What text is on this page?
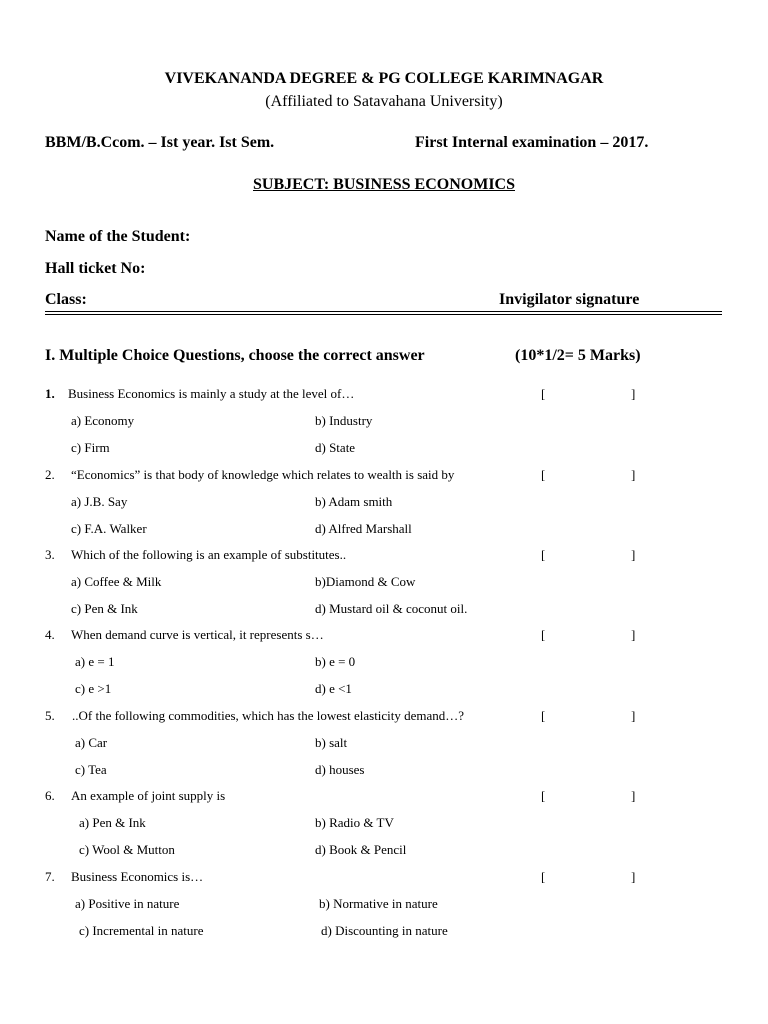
VIVEKANANDA DEGREE & PG COLLEGE KARIMNAGAR
(Affiliated to Satavahana University)
BBM/B.Ccom. – Ist year. Ist Sem.	First Internal examination – 2017.
SUBJECT: BUSINESS ECONOMICS
Name of the Student:
Hall ticket No:
Class:	Invigilator signature
I. Multiple Choice Questions, choose the correct answer	(10*1/2= 5 Marks)
1. Business Economics is mainly a study at the level of…	[	]
a) Economy	b) Industry
c) Firm	d) State
2. “Economics” is that body of knowledge which relates to wealth is said by	[	]
a) J.B. Say	b) Adam smith
c) F.A. Walker	d) Alfred Marshall
3. Which of the following is an example of substitutes..	[	]
a) Coffee & Milk	b)Diamond & Cow
c) Pen & Ink	d) Mustard oil & coconut oil.
4. When demand curve is vertical, it represents s…	[	]
a) e = 1	b) e = 0
c) e >1	d) e <1
5. ..Of the following commodities, which has the lowest elasticity demand…?	[	]
a) Car	b) salt
c) Tea	d) houses
6. An example of joint supply is	[	]
a) Pen & Ink	b) Radio & TV
c) Wool & Mutton	d) Book & Pencil
7. Business Economics is…	[	]
a) Positive in nature	b) Normative in nature
c) Incremental in nature	d) Discounting in nature
